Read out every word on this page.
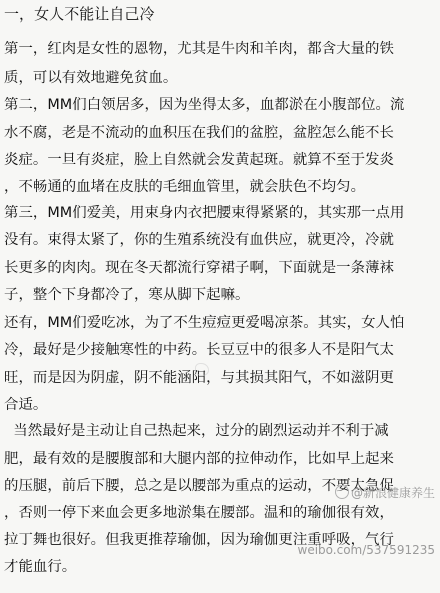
一，女人不能让自己冷
第一，红肉是女性的恩物，尤其是牛肉和羊肉，都含大量的铁
质，可以有效地避免贫血。
第二，MM们白领居多，因为坐得太多，血都淤在小腹部位。流
水不腐，老是不流动的血积压在我们的盆腔，盆腔怎么能不长
炎症。一旦有炎症，脸上自然就会发黄起斑。就算不至于发炎
，不畅通的血堵在皮肤的毛细血管里，就会肤色不均匀。
第三，MM们爱美，用束身内衣把腰束得紧紧的，其实那一点用
没有。束得太紧了，你的生殖系统没有血供应，就更冷，冷就
长更多的肉肉。现在冬天都流行穿裙子啊，下面就是一条薄袜
子，整个下身都冷了，寒从脚下起嘛。
还有，MM们爱吃冰，为了不生痘痘更爱喝凉茶。其实，女人怕
冷，最好是少接触寒性的中药。长豆豆中的很多人不是阳气太
旺，而是因为阴虚，阴不能涵阳，与其损其阳气，不如滋阴更
合适。
当然最好是主动让自己热起来，过分的剧烈运动并不利于减
肥，最有效的是腰腹部和大腿内部的拉伸动作，比如早上起来
的压腿，前后下腰，总之是以腰部为重点的运动，不要太急促
，否则一停下来血会更多地淤集在腰部。温和的瑜伽很有效，
拉丁舞也很好。但我更推荐瑜伽，因为瑜伽更注重呼吸，气行
才能血行。

@新浪健康养生

weibo.com/537591235
